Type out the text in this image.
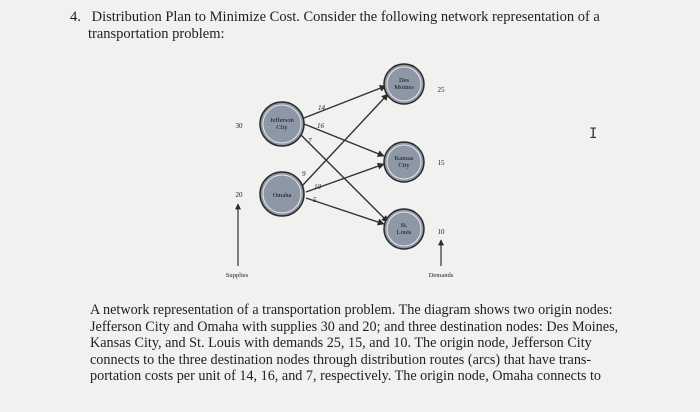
4. Distribution Plan to Minimize Cost. Consider the following network representation of a
transportation problem:
14
16
7
9
10
5
Jefferson
City
Omaha
Des
Moines
Kansas
City
St.
Louis
30
20
Supplies
25
15
10
Demands
I
A network representation of a transportation problem. The diagram shows two origin nodes:
Jefferson City and Omaha with supplies 30 and 20; and three destination nodes: Des Moines,
Kansas City, and St. Louis with demands 25, 15, and 10. The origin node, Jefferson City
connects to the three destination nodes through distribution routes (arcs) that have trans-
portation costs per unit of 14, 16, and 7, respectively. The origin node, Omaha connects to
